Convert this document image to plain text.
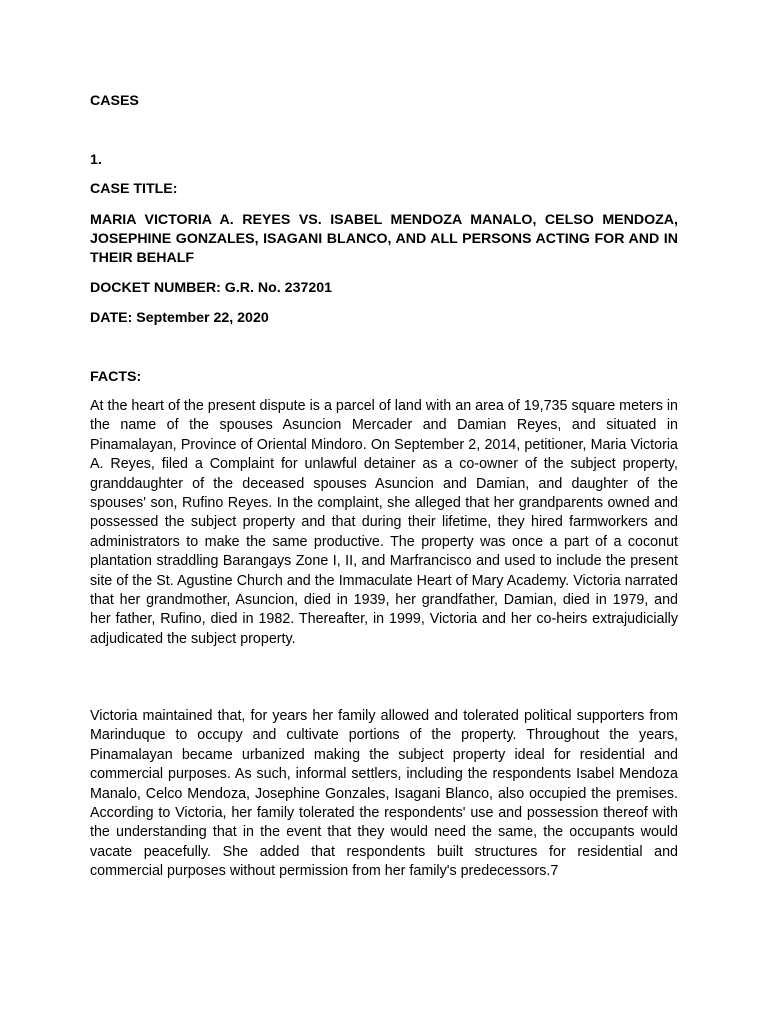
CASES

1.

CASE TITLE:

MARIA VICTORIA A. REYES VS. ISABEL MENDOZA MANALO, CELSO MENDOZA, JOSEPHINE GONZALES, ISAGANI BLANCO, AND ALL PERSONS ACTING FOR AND IN THEIR BEHALF

DOCKET NUMBER: G.R. No. 237201

DATE: September 22, 2020

FACTS:

At the heart of the present dispute is a parcel of land with an area of 19,735 square meters in the name of the spouses Asuncion Mercader and Damian Reyes, and situated in Pinamalayan, Province of Oriental Mindoro. On September 2, 2014, petitioner, Maria Victoria A. Reyes, filed a Complaint for unlawful detainer as a co-owner of the subject property, granddaughter of the deceased spouses Asuncion and Damian, and daughter of the spouses' son, Rufino Reyes. In the complaint, she alleged that her grandparents owned and possessed the subject property and that during their lifetime, they hired farmworkers and administrators to make the same productive. The property was once a part of a coconut plantation straddling Barangays Zone I, II, and Marfrancisco and used to include the present site of the St. Agustine Church and the Immaculate Heart of Mary Academy. Victoria narrated that her grandmother, Asuncion, died in 1939, her grandfather, Damian, died in 1979, and her father, Rufino, died in 1982. Thereafter, in 1999, Victoria and her co-heirs extrajudicially adjudicated the subject property.

Victoria maintained that, for years her family allowed and tolerated political supporters from Marinduque to occupy and cultivate portions of the property. Throughout the years, Pinamalayan became urbanized making the subject property ideal for residential and commercial purposes. As such, informal settlers, including the respondents Isabel Mendoza Manalo, Celco Mendoza, Josephine Gonzales, Isagani Blanco, also occupied the premises. According to Victoria, her family tolerated the respondents' use and possession thereof with the understanding that in the event that they would need the same, the occupants would vacate peacefully. She added that respondents built structures for residential and commercial purposes without permission from her family's predecessors.7
